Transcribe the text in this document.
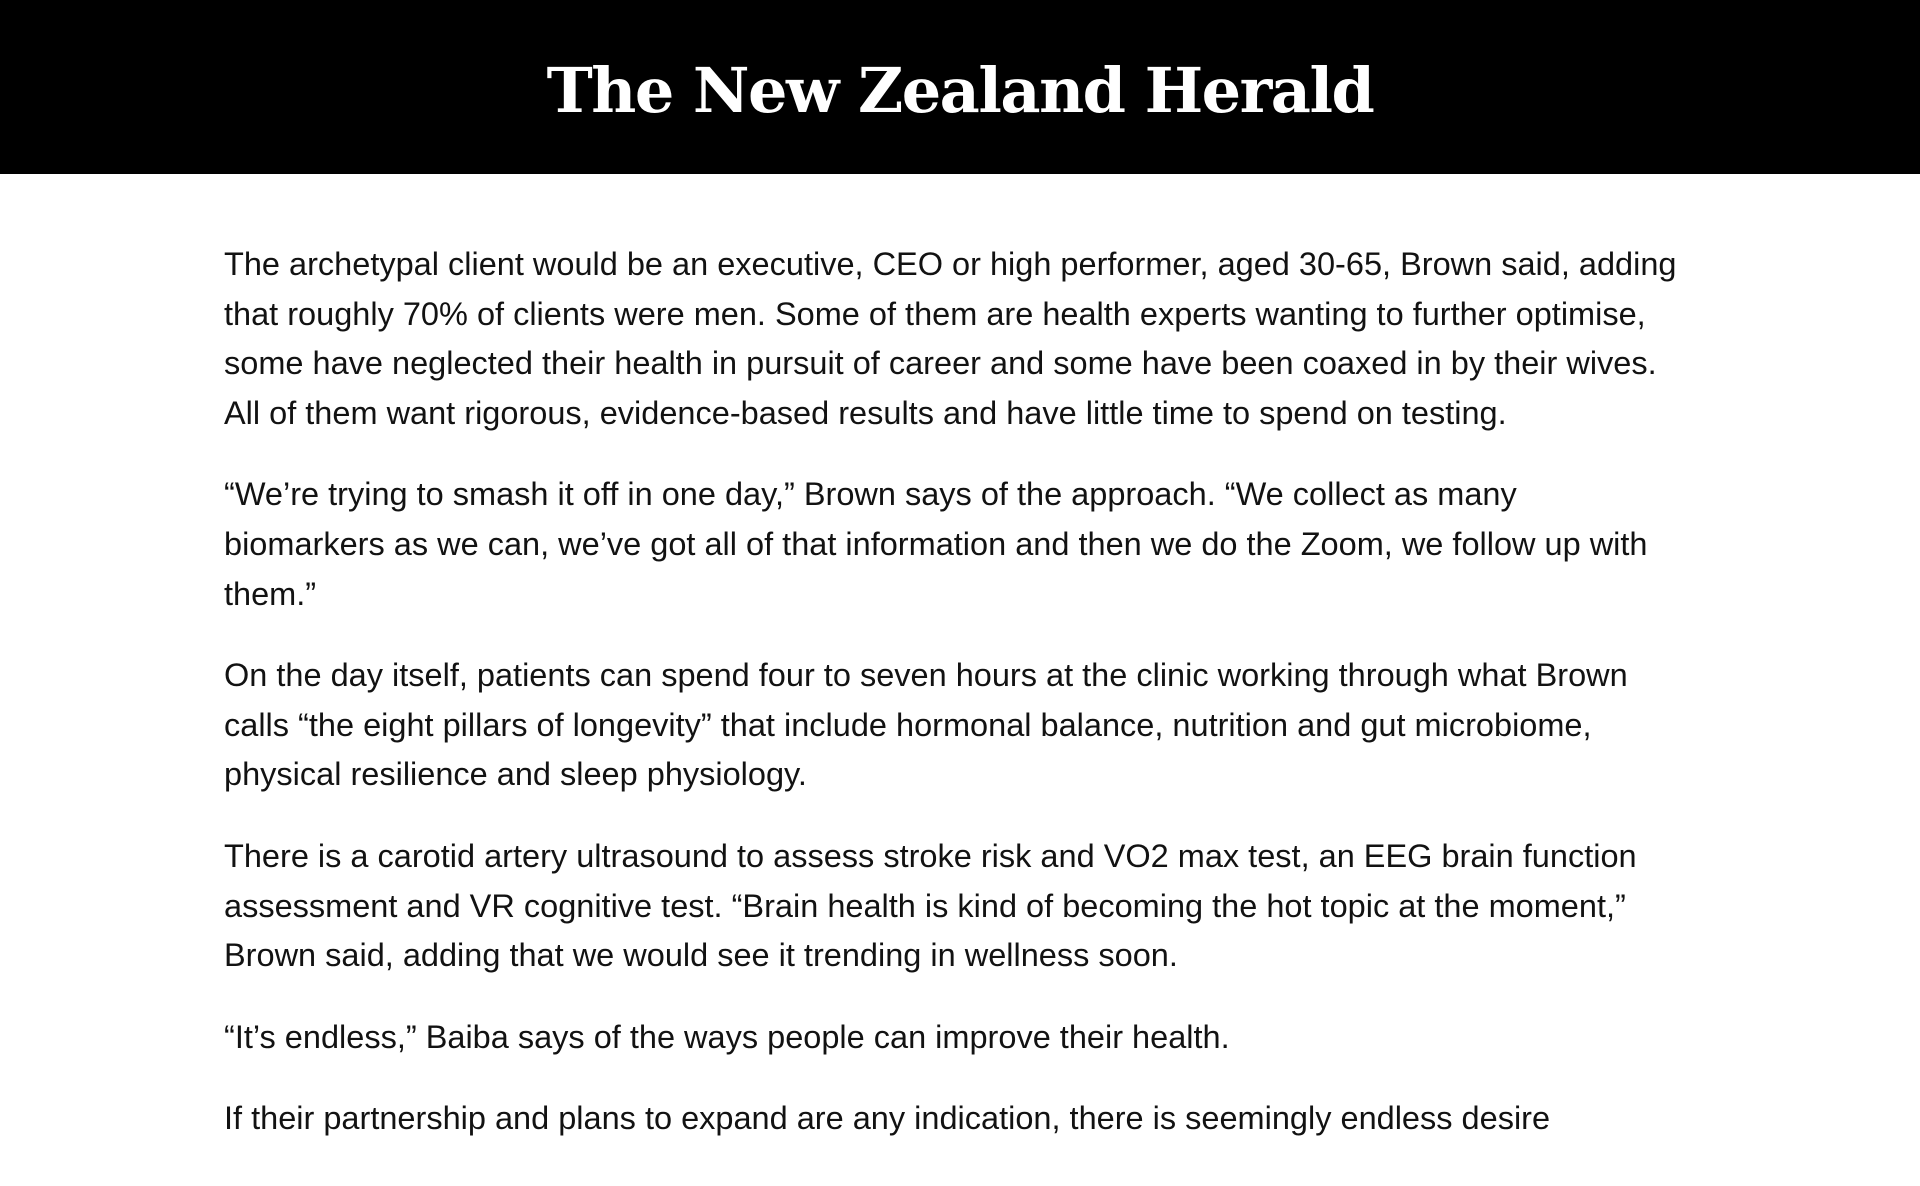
The New Zealand Herald

The archetypal client would be an executive, CEO or high performer, aged 30-65, Brown said, adding that roughly 70% of clients were men. Some of them are health experts wanting to further optimise, some have neglected their health in pursuit of career and some have been coaxed in by their wives. All of them want rigorous, evidence-based results and have little time to spend on testing.

“We’re trying to smash it off in one day,” Brown says of the approach. “We collect as many biomarkers as we can, we’ve got all of that information and then we do the Zoom, we follow up with them.”

On the day itself, patients can spend four to seven hours at the clinic working through what Brown calls “the eight pillars of longevity” that include hormonal balance, nutrition and gut microbiome, physical resilience and sleep physiology.

There is a carotid artery ultrasound to assess stroke risk and VO2 max test, an EEG brain function assessment and VR cognitive test. “Brain health is kind of becoming the hot topic at the moment,” Brown said, adding that we would see it trending in wellness soon.

“It’s endless,” Baiba says of the ways people can improve their health.

If their partnership and plans to expand are any indication, there is seemingly endless desire
